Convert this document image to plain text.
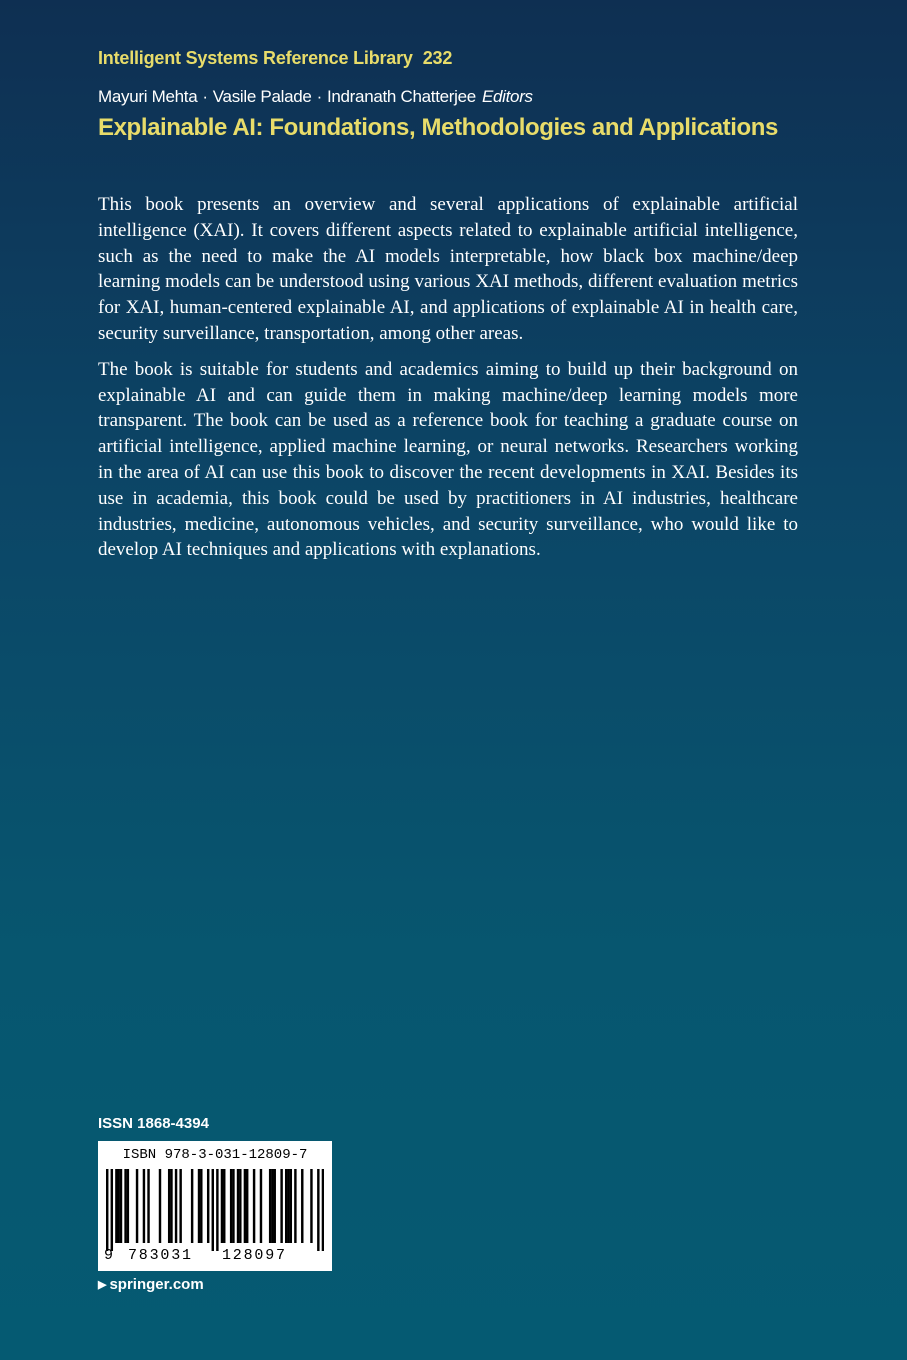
Intelligent Systems Reference Library 232
Mayuri Mehta · Vasile Palade · Indranath Chatterjee Editors
Explainable AI: Foundations, Methodologies and Applications

This book presents an overview and several applications of explainable artificial intelligence (XAI). It covers different aspects related to explainable artificial intelligence, such as the need to make the AI models interpretable, how black box machine/deep learning models can be understood using various XAI methods, different evaluation metrics for XAI, human-centered explainable AI, and applications of explainable AI in health care, security surveillance, transportation, among other areas.

The book is suitable for students and academics aiming to build up their background on explainable AI and can guide them in making machine/deep learning models more transparent. The book can be used as a reference book for teaching a graduate course on artificial intelligence, applied machine learning, or neural networks. Researchers working in the area of AI can use this book to discover the recent developments in XAI. Besides its use in academia, this book could be used by practitioners in AI industries, healthcare industries, medicine, autonomous vehicles, and security surveillance, who would like to develop AI techniques and applications with explanations.

ISSN 1868-4394
ISBN 978-3-031-12809-7
9 783031 128097
▶ springer.com
